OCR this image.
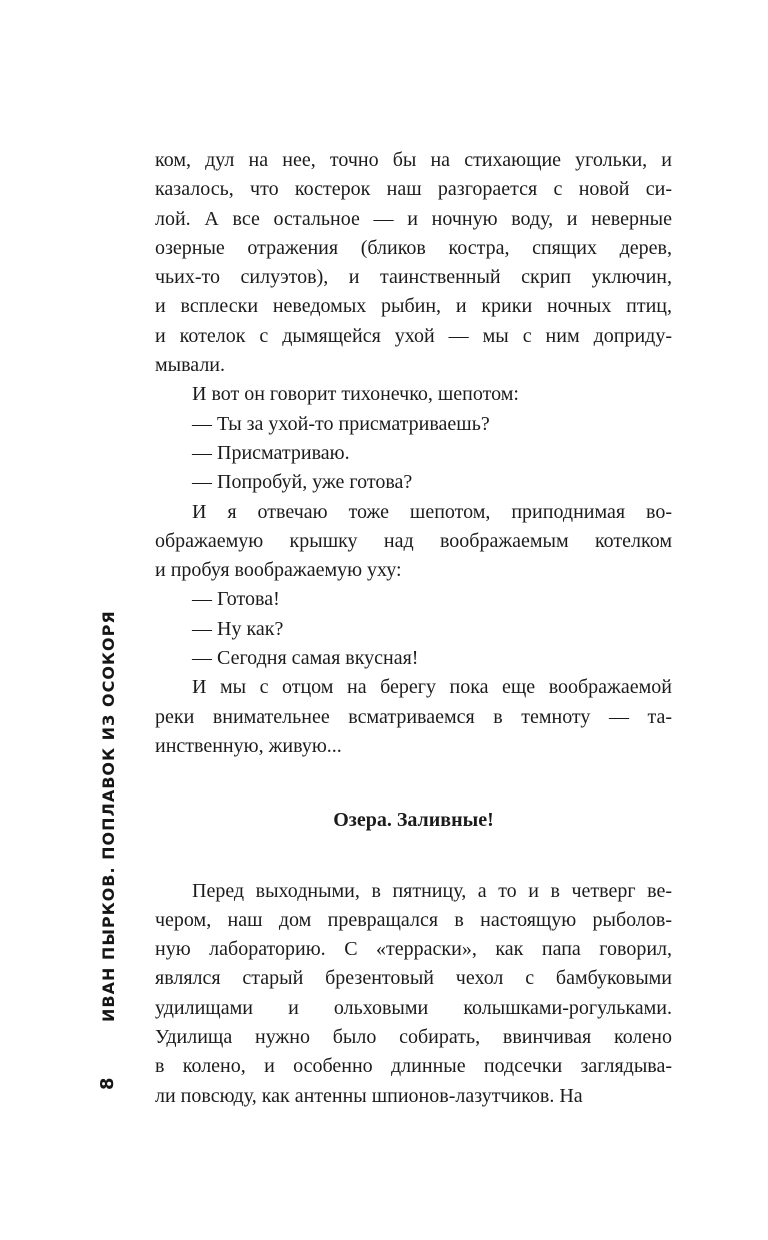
ИВАН ПЫРКОВ. ПОПЛАВОК ИЗ ОСОКОРЯ
8
ком, дул на нее, точно бы на стихающие угольки, и
казалось, что костерок наш разгорается с новой си-
лой. А все остальное — и ночную воду, и неверные
озерные отражения (бликов костра, спящих дерев,
чьих-то силуэтов), и таинственный скрип уключин,
и всплески неведомых рыбин, и крики ночных птиц,
и котелок с дымящейся ухой — мы с ним доприду-
мывали.
И вот он говорит тихонечко, шепотом:
— Ты за ухой-то присматриваешь?
— Присматриваю.
— Попробуй, уже готова?
И я отвечаю тоже шепотом, приподнимая во-
ображаемую крышку над воображаемым котелком
и пробуя воображаемую уху:
— Готова!
— Ну как?
— Сегодня самая вкусная!
И мы с отцом на берегу пока еще воображаемой
реки внимательнее всматриваемся в темноту — та-
инственную, живую...
Озера. Заливные!
Перед выходными, в пятницу, а то и в четверг ве-
чером, наш дом превращался в настоящую рыболов-
ную лабораторию. С «терраски», как папа говорил,
являлся старый брезентовый чехол с бамбуковыми
удилищами и ольховыми колышками-рогульками.
Удилища нужно было собирать, ввинчивая колено
в колено, и особенно длинные подсечки заглядыва-
ли повсюду, как антенны шпионов-лазутчиков. На
